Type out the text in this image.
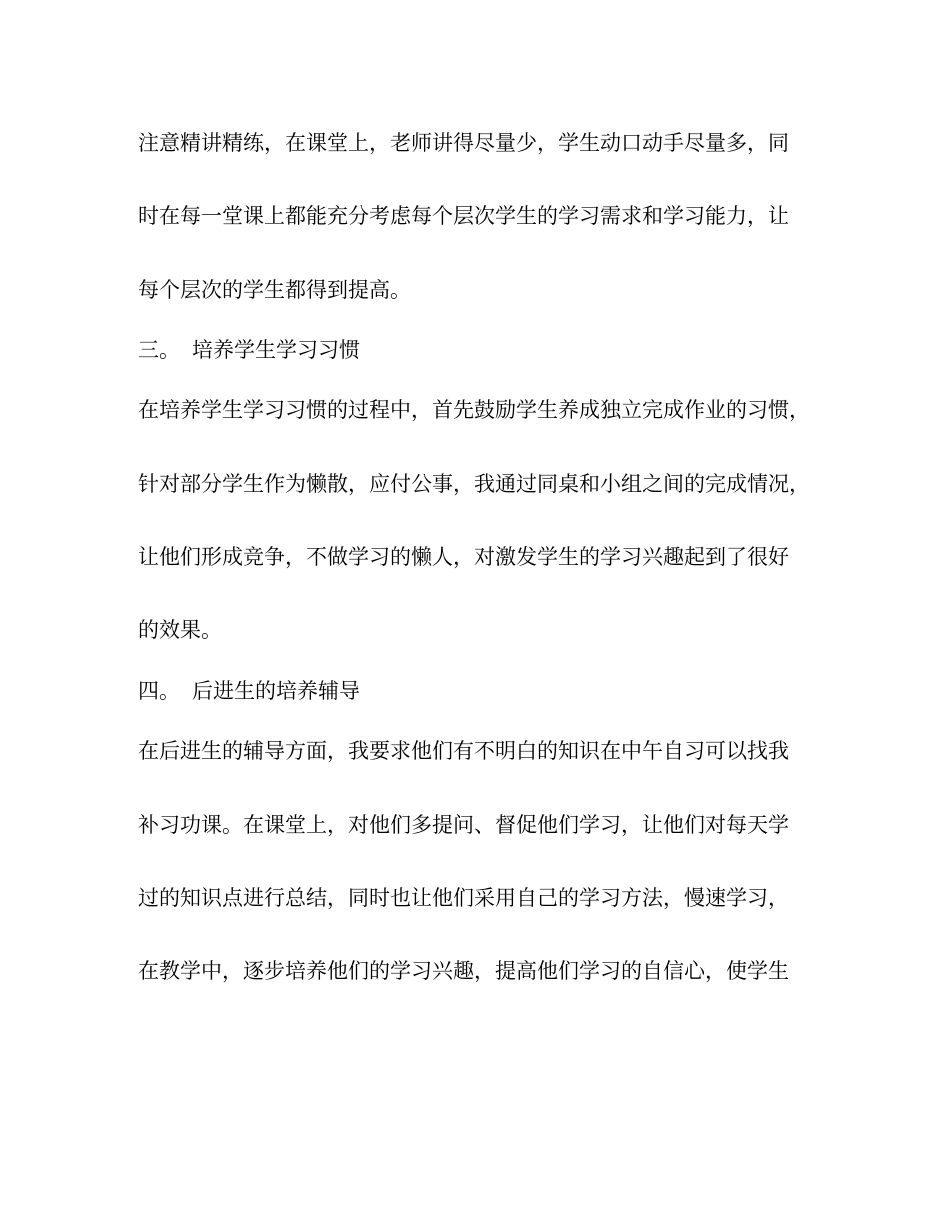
注意精讲精练，在课堂上，老师讲得尽量少，学生动口动手尽量多，同
时在每一堂课上都能充分考虑每个层次学生的学习需求和学习能力，让
每个层次的学生都得到提高。
三。 培养学生学习习惯
在培养学生学习习惯的过程中，首先鼓励学生养成独立完成作业的习惯，
针对部分学生作为懒散，应付公事，我通过同桌和小组之间的完成情况，
让他们形成竞争，不做学习的懒人，对激发学生的学习兴趣起到了很好
的效果。
四。 后进生的培养辅导
在后进生的辅导方面，我要求他们有不明白的知识在中午自习可以找我
补习功课。在课堂上，对他们多提问、督促他们学习，让他们对每天学
过的知识点进行总结，同时也让他们采用自己的学习方法，慢速学习，
在教学中，逐步培养他们的学习兴趣，提高他们学习的自信心，使学生
